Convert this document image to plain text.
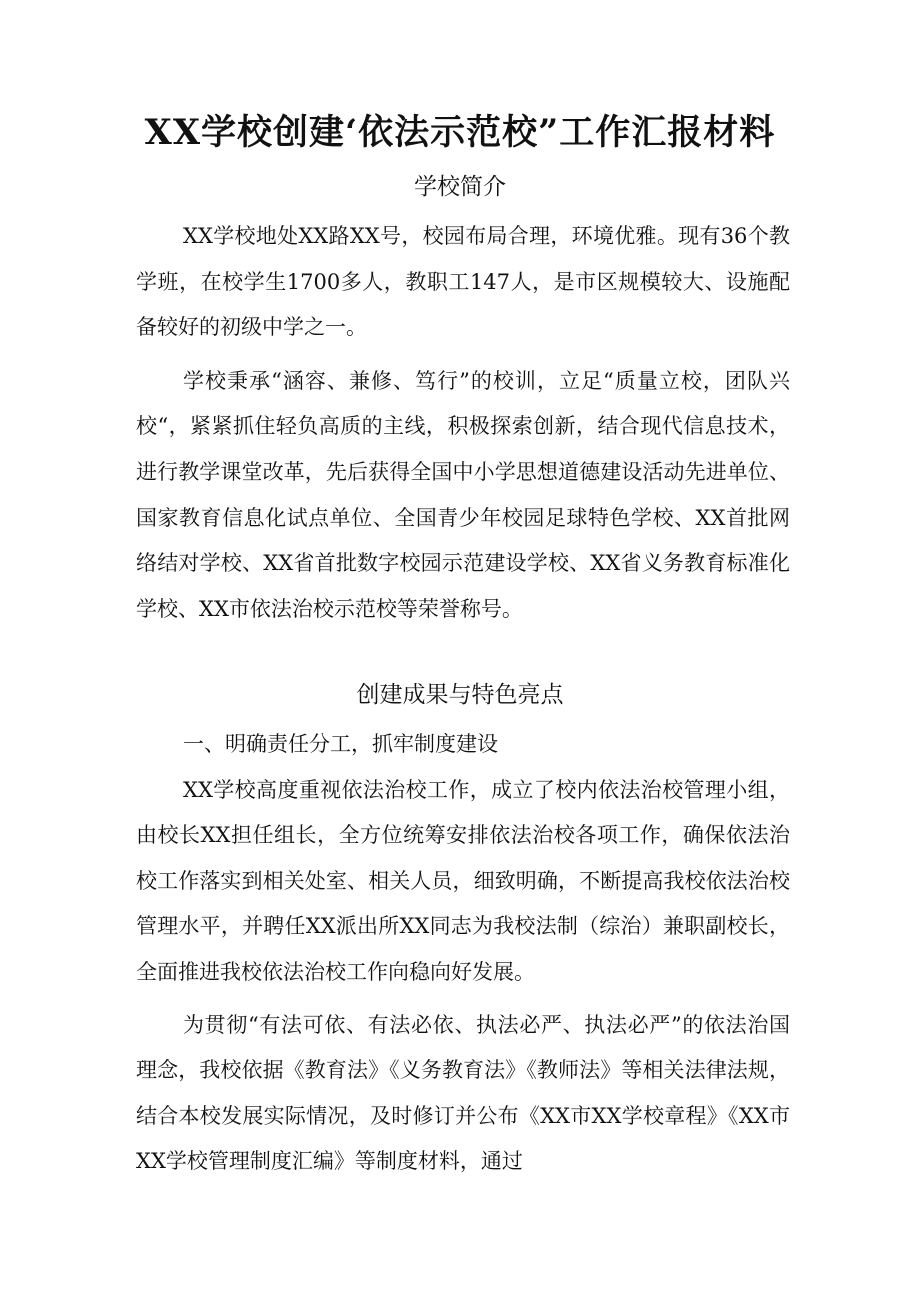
XX学校创建‘依法示范校”工作汇报材料
学校简介

XX学校地处XX路XX号，校园布局合理，环境优雅。现有36个教学班，在校学生1700多人，教职工147人，是市区规模较大、设施配备较好的初级中学之一。

学校秉承“涵容、兼修、笃行”的校训，立足“质量立校，团队兴校“，紧紧抓住轻负高质的主线，积极探索创新，结合现代信息技术，进行教学课堂改革，先后获得全国中小学思想道德建设活动先进单位、国家教育信息化试点单位、全国青少年校园足球特色学校、XX首批网络结对学校、XX省首批数字校园示范建设学校、XX省义务教育标准化学校、XX市依法治校示范校等荣誉称号。

创建成果与特色亮点

一、明确责任分工，抓牢制度建设

XX学校高度重视依法治校工作，成立了校内依法治校管理小组，由校长XX担任组长，全方位统筹安排依法治校各项工作，确保依法治校工作落实到相关处室、相关人员，细致明确，不断提高我校依法治校管理水平，并聘任XX派出所XX同志为我校法制（综治）兼职副校长，全面推进我校依法治校工作向稳向好发展。

为贯彻“有法可依、有法必依、执法必严、执法必严”的依法治国理念，我校依据《教育法》《义务教育法》《教师法》等相关法律法规，结合本校发展实际情况，及时修订并公布《XX市XX学校章程》《XX市XX学校管理制度汇编》等制度材料，通过
